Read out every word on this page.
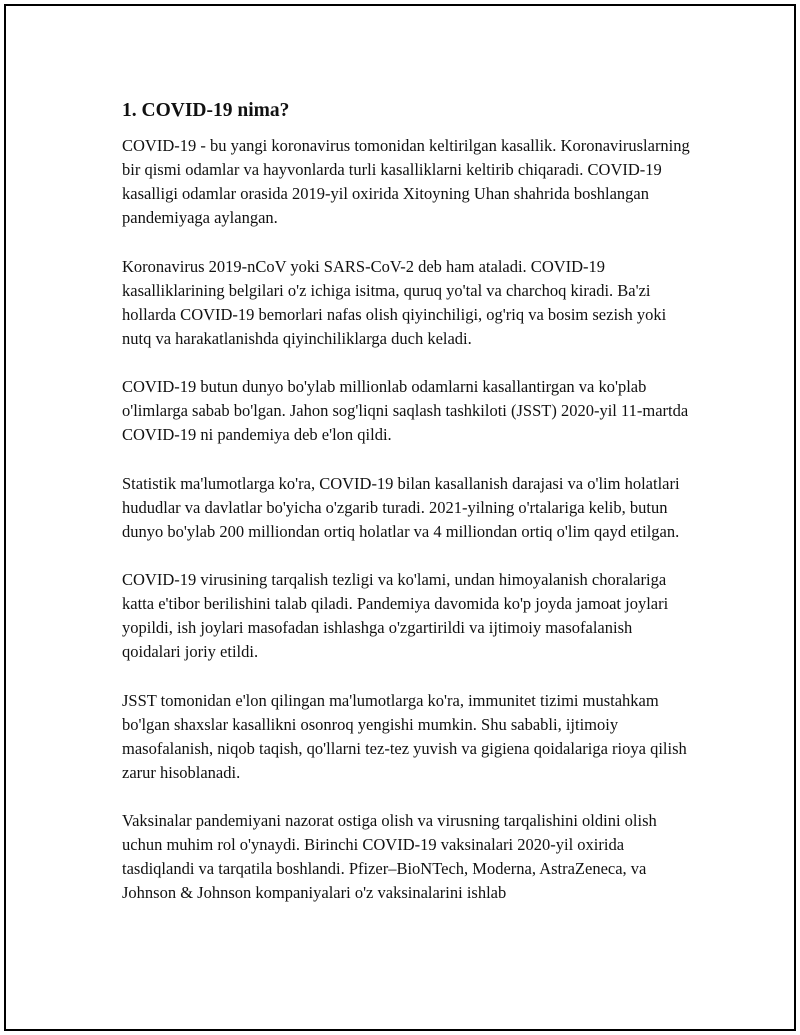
1. COVID-19 nima?

COVID-19 - bu yangi koronavirus tomonidan keltirilgan kasallik. Koronaviruslarning bir qismi odamlar va hayvonlarda turli kasalliklarni keltirib chiqaradi. COVID-19 kasalligi odamlar orasida 2019-yil oxirida Xitoyning Uhan shahrida boshlangan pandemiyaga aylangan.

Koronavirus 2019-nCoV yoki SARS-CoV-2 deb ham ataladi. COVID-19 kasalliklarining belgilari o'z ichiga isitma, quruq yo'tal va charchoq kiradi. Ba'zi hollarda COVID-19 bemorlari nafas olish qiyinchiligi, og'riq va bosim sezish yoki nutq va harakatlanishda qiyinchiliklarga duch keladi.

COVID-19 butun dunyo bo'ylab millionlab odamlarni kasallantirgan va ko'plab o'limlarga sabab bo'lgan. Jahon sog'liqni saqlash tashkiloti (JSST) 2020-yil 11-martda COVID-19 ni pandemiya deb e'lon qildi.

Statistik ma'lumotlarga ko'ra, COVID-19 bilan kasallanish darajasi va o'lim holatlari hududlar va davlatlar bo'yicha o'zgarib turadi. 2021-yilning o'rtalariga kelib, butun dunyo bo'ylab 200 milliondan ortiq holatlar va 4 milliondan ortiq o'lim qayd etilgan.

COVID-19 virusining tarqalish tezligi va ko'lami, undan himoyalanish choralariga katta e'tibor berilishini talab qiladi. Pandemiya davomida ko'p joyda jamoat joylari yopildi, ish joylari masofadan ishlashga o'zgartirildi va ijtimoiy masofalanish qoidalari joriy etildi.

JSST tomonidan e'lon qilingan ma'lumotlarga ko'ra, immunitet tizimi mustahkam bo'lgan shaxslar kasallikni osonroq yengishi mumkin. Shu sababli, ijtimoiy masofalanish, niqob taqish, qo'llarni tez-tez yuvish va gigiena qoidalariga rioya qilish zarur hisoblanadi.

Vaksinalar pandemiyani nazorat ostiga olish va virusning tarqalishini oldini olish uchun muhim rol o'ynaydi. Birinchi COVID-19 vaksinalari 2020-yil oxirida tasdiqlandi va tarqatila boshlandi. Pfizer–BioNTech, Moderna, AstraZeneca, va Johnson & Johnson kompaniyalari o'z vaksinalarini ishlab
